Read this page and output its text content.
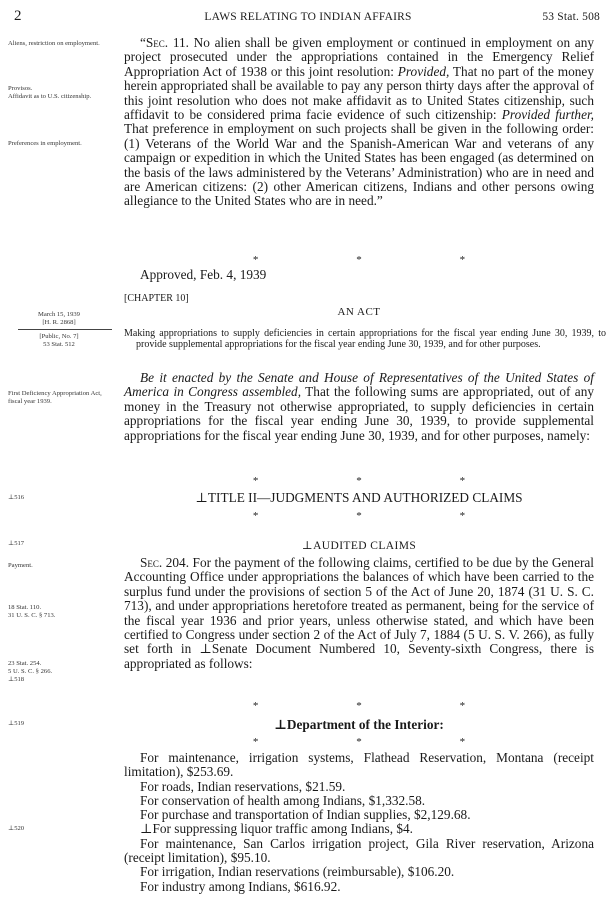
2	LAWS RELATING TO INDIAN AFFAIRS	53 Stat. 508
Aliens, restriction on employment.
Provisos.
Affidavit as to U.S. citizenship.
Preferences in employment.
March 15, 1939
[H. R. 2868]
[Public, No. 7]
53 Stat. 512
First Deficiency Appropriation Act, fiscal year 1939.
⊥516
⊥517
Payment.
18 Stat. 110.
31 U. S. C. § 713.
23 Stat. 254.
5 U. S. C. § 266.
⊥518
⊥519
⊥520

“Sec. 11. No alien shall be given employment or continued in employment on any project prosecuted under the appropriations contained in the Emergency Relief Appropriation Act of 1938 or this joint resolution: Provided, That no part of the money herein appropriated shall be available to pay any person thirty days after the approval of this joint resolution who does not make affidavit as to United States citizenship, such affidavit to be considered prima facie evidence of such citizenship: Provided further, That preference in employment on such projects shall be given in the following order: (1) Veterans of the World War and the Spanish-American War and veterans of any campaign or expedition in which the United States has been engaged (as determined on the basis of the laws administered by the Veterans’ Administration) who are in need and are American citizens: (2) other American citizens, Indians and other persons owing allegiance to the United States who are in need.”

*	*	*
Approved, Feb. 4, 1939
[CHAPTER 10]
AN ACT
Making appropriations to supply deficiencies in certain appropriations for the fiscal year ending June 30, 1939, to provide supplemental appropriations for the fiscal year ending June 30, 1939, and for other purposes.

Be it enacted by the Senate and House of Representatives of the United States of America in Congress assembled, That the following sums are appropriated, out of any money in the Treasury not otherwise appropriated, to supply deficiencies in certain appropriations for the fiscal year ending June 30, 1939, to provide supplemental appropriations for the fiscal year ending June 30, 1939, and for other purposes, namely:

*	*	*
⊥TITLE II—JUDGMENTS AND AUTHORIZED CLAIMS
*	*	*
⊥AUDITED CLAIMS

Sec. 204. For the payment of the following claims, certified to be due by the General Accounting Office under appropriations the balances of which have been carried to the surplus fund under the provisions of section 5 of the Act of June 20, 1874 (31 U. S. C. 713), and under appropriations heretofore treated as permanent, being for the service of the fiscal year 1936 and prior years, unless otherwise stated, and which have been certified to Congress under section 2 of the Act of July 7, 1884 (5 U. S. V. 266), as fully set forth in ⊥Senate Document Numbered 10, Seventy-sixth Congress, there is appropriated as follows:

*	*	*
⊥Department of the Interior:
*	*	*

For maintenance, irrigation systems, Flathead Reservation, Montana (receipt limitation), $253.69.

For roads, Indian reservations, $21.59.

For conservation of health among Indians, $1,332.58.

For purchase and transportation of Indian supplies, $2,129.68.

⊥For suppressing liquor traffic among Indians, $4.

For maintenance, San Carlos irrigation project, Gila River reservation, Arizona (receipt limitation), $95.10.

For irrigation, Indian reservations (reimbursable), $106.20.

For industry among Indians, $616.92.
